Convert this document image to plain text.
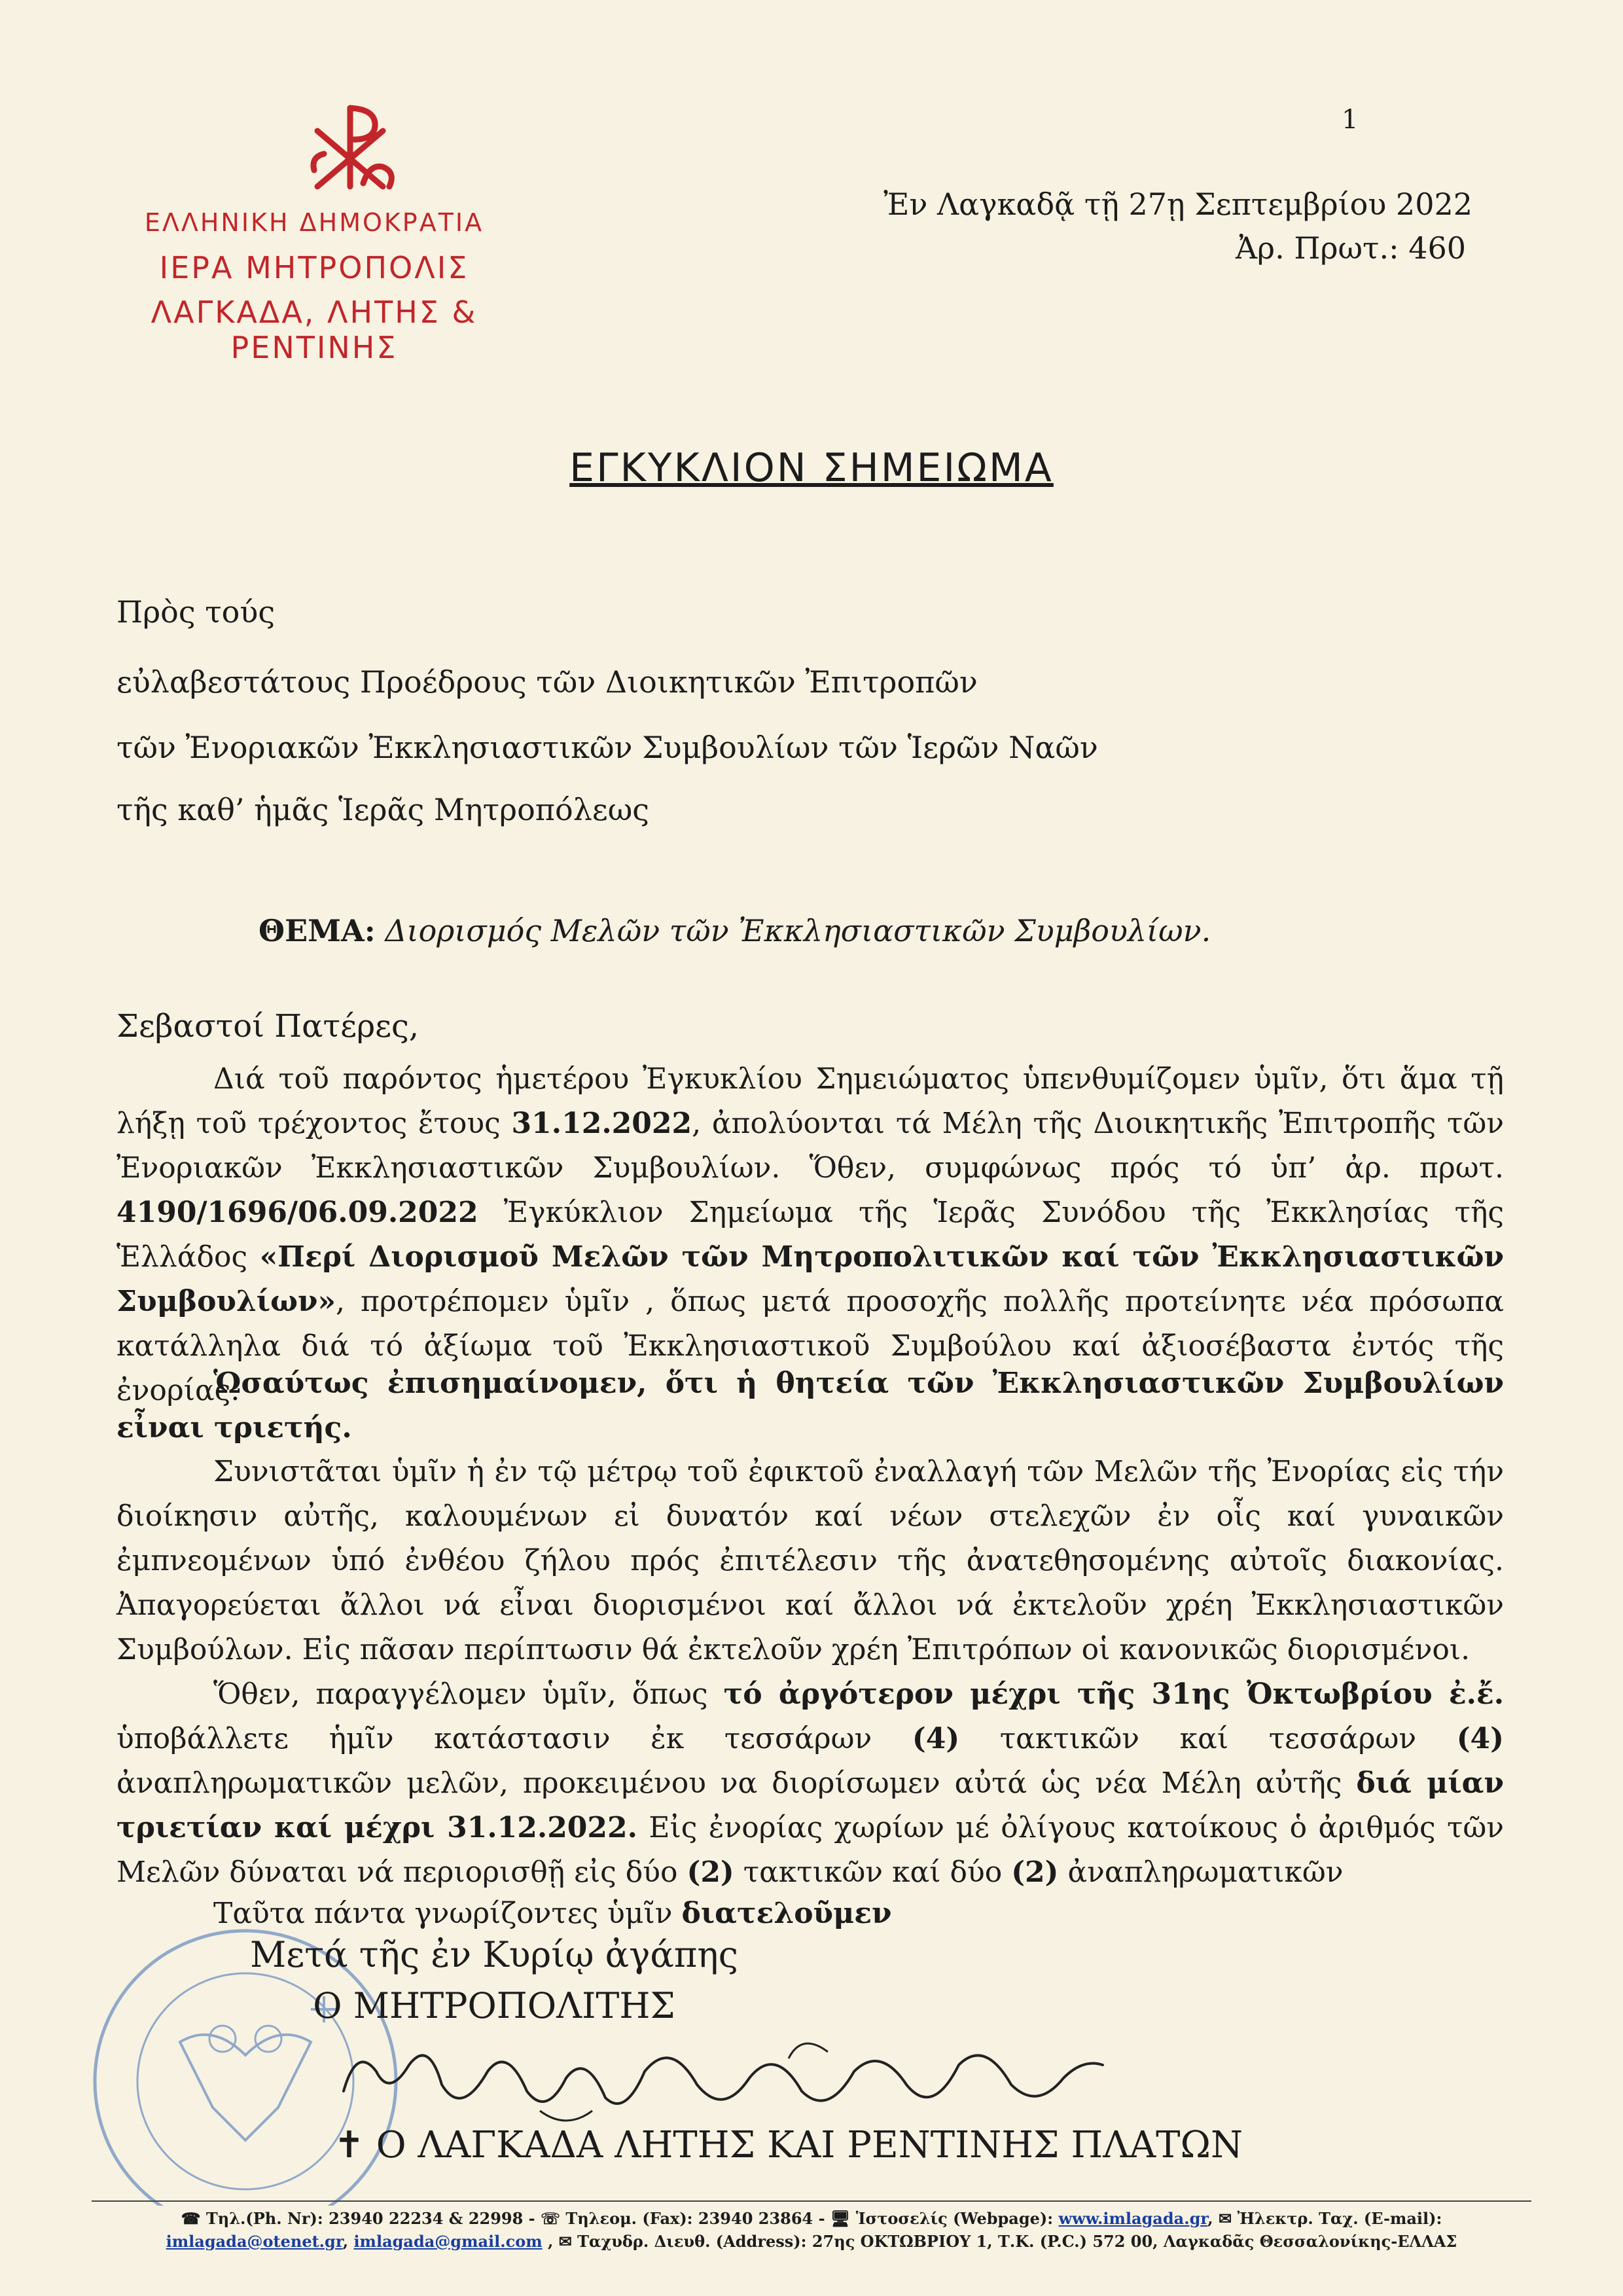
1
ΕΛΛΗΝΙΚΗ ΔΗΜΟΚΡΑΤΙΑ
ΙΕΡΑ ΜΗΤΡΟΠΟΛΙΣ
ΛΑΓΚΑΔΑ, ΛΗΤΗΣ & ΡΕΝΤΙΝΗΣ
Ἐν Λαγκαδᾷ τῇ 27ῃ Σεπτεμβρίου 2022
Ἀρ. Πρωτ.: 460
ΕΓΚΥΚΛΙΟΝ ΣΗΜΕΙΩΜΑ
Πρὸς τούς
εὐλαβεστάτους Προέδρους τῶν Διοικητικῶν Ἐπιτροπῶν
τῶν Ἐνοριακῶν Ἐκκλησιαστικῶν Συμβουλίων τῶν Ἱερῶν Ναῶν
τῆς καθ’ ἡμᾶς Ἱερᾶς Μητροπόλεως
ΘΕΜΑ: Διορισμός Μελῶν τῶν Ἐκκλησιαστικῶν Συμβουλίων.
Σεβαστοί Πατέρες,
Διά τοῦ παρόντος ἡμετέρου Ἐγκυκλίου Σημειώματος ὑπενθυμίζομεν ὑμῖν, ὅτι ἅμα τῇ λήξῃ τοῦ τρέχοντος ἔτους 31.12.2022, ἀπολύονται τά Μέλη τῆς Διοικητικῆς Ἐπιτροπῆς τῶν Ἐνοριακῶν Ἐκκλησιαστικῶν Συμβουλίων. Ὅθεν, συμφώνως πρός τό ὑπ’ ἀρ. πρωτ. 4190/1696/06.09.2022 Ἐγκύκλιον Σημείωμα τῆς Ἱερᾶς Συνόδου τῆς Ἐκκλησίας τῆς Ἑλλάδος «Περί Διορισμοῦ Μελῶν τῶν Μητροπολιτικῶν καί τῶν Ἐκκλησιαστικῶν Συμβουλίων», προτρέπομεν ὑμῖν , ὅπως μετά προσοχῆς πολλῆς προτείνητε νέα πρόσωπα κατάλληλα διά τό ἀξίωμα τοῦ Ἐκκλησιαστικοῦ Συμβούλου καί ἀξιοσέβαστα ἐντός τῆς ἐνορίας.
Ὡσαύτως ἐπισημαίνομεν, ὅτι ἡ θητεία τῶν Ἐκκλησιαστικῶν Συμβουλίων εἶναι τριετής.
Συνιστᾶται ὑμῖν ἡ ἐν τῷ μέτρῳ τοῦ ἐφικτοῦ ἐναλλαγή τῶν Μελῶν τῆς Ἐνορίας εἰς τήν διοίκησιν αὐτῆς, καλουμένων εἰ δυνατόν καί νέων στελεχῶν ἐν οἷς καί γυναικῶν ἐμπνεομένων ὑπό ἐνθέου ζήλου πρός ἐπιτέλεσιν τῆς ἀνατεθησομένης αὐτοῖς διακονίας. Ἀπαγορεύεται ἄλλοι νά εἶναι διορισμένοι καί ἄλλοι νά ἐκτελοῦν χρέη Ἐκκλησιαστικῶν Συμβούλων. Εἰς πᾶσαν περίπτωσιν θά ἐκτελοῦν χρέη Ἐπιτρόπων οἱ κανονικῶς διορισμένοι.
Ὅθεν, παραγγέλομεν ὑμῖν, ὅπως τό ἀργότερον μέχρι τῆς 31ης Ὀκτωβρίου ἐ.ἔ. ὑποβάλλετε ἡμῖν κατάστασιν ἐκ τεσσάρων (4) τακτικῶν καί τεσσάρων (4) ἀναπληρωματικῶν μελῶν, προκειμένου να διορίσωμεν αὐτά ὡς νέα Μέλη αὐτῆς διά μίαν τριετίαν καί μέχρι 31.12.2022. Εἰς ἐνορίας χωρίων μέ ὀλίγους κατοίκους ὁ ἀριθμός τῶν Μελῶν δύναται νά περιορισθῇ εἰς δύο (2) τακτικῶν καί δύο (2) ἀναπληρωματικῶν
Ταῦτα πάντα γνωρίζοντες ὑμῖν διατελοῦμεν
Μετά τῆς ἐν Κυρίῳ ἀγάπης
Ο ΜΗΤΡΟΠΟΛΙΤΗΣ
✝ Ο ΛΑΓΚΑΔΑ ΛΗΤΗΣ ΚΑΙ ΡΕΝΤΙΝΗΣ ΠΛΑΤΩΝ
☎ Τηλ.(Ph. Nr): 23940 22234 & 22998 - ☏ Τηλεομ. (Fax): 23940 23864 - 🖥 Ἱστοσελίς (Webpage): www.imlagada.gr, ✉ Ἠλεκτρ. Ταχ. (E-mail):
imlagada@otenet.gr, imlagada@gmail.com , ✉ Ταχυδρ. Διευθ. (Address): 27ης ΟΚΤΩΒΡΙΟΥ 1, Τ.Κ. (P.C.) 572 00, Λαγκαδᾶς Θεσσαλονίκης-ΕΛΛΑΣ
